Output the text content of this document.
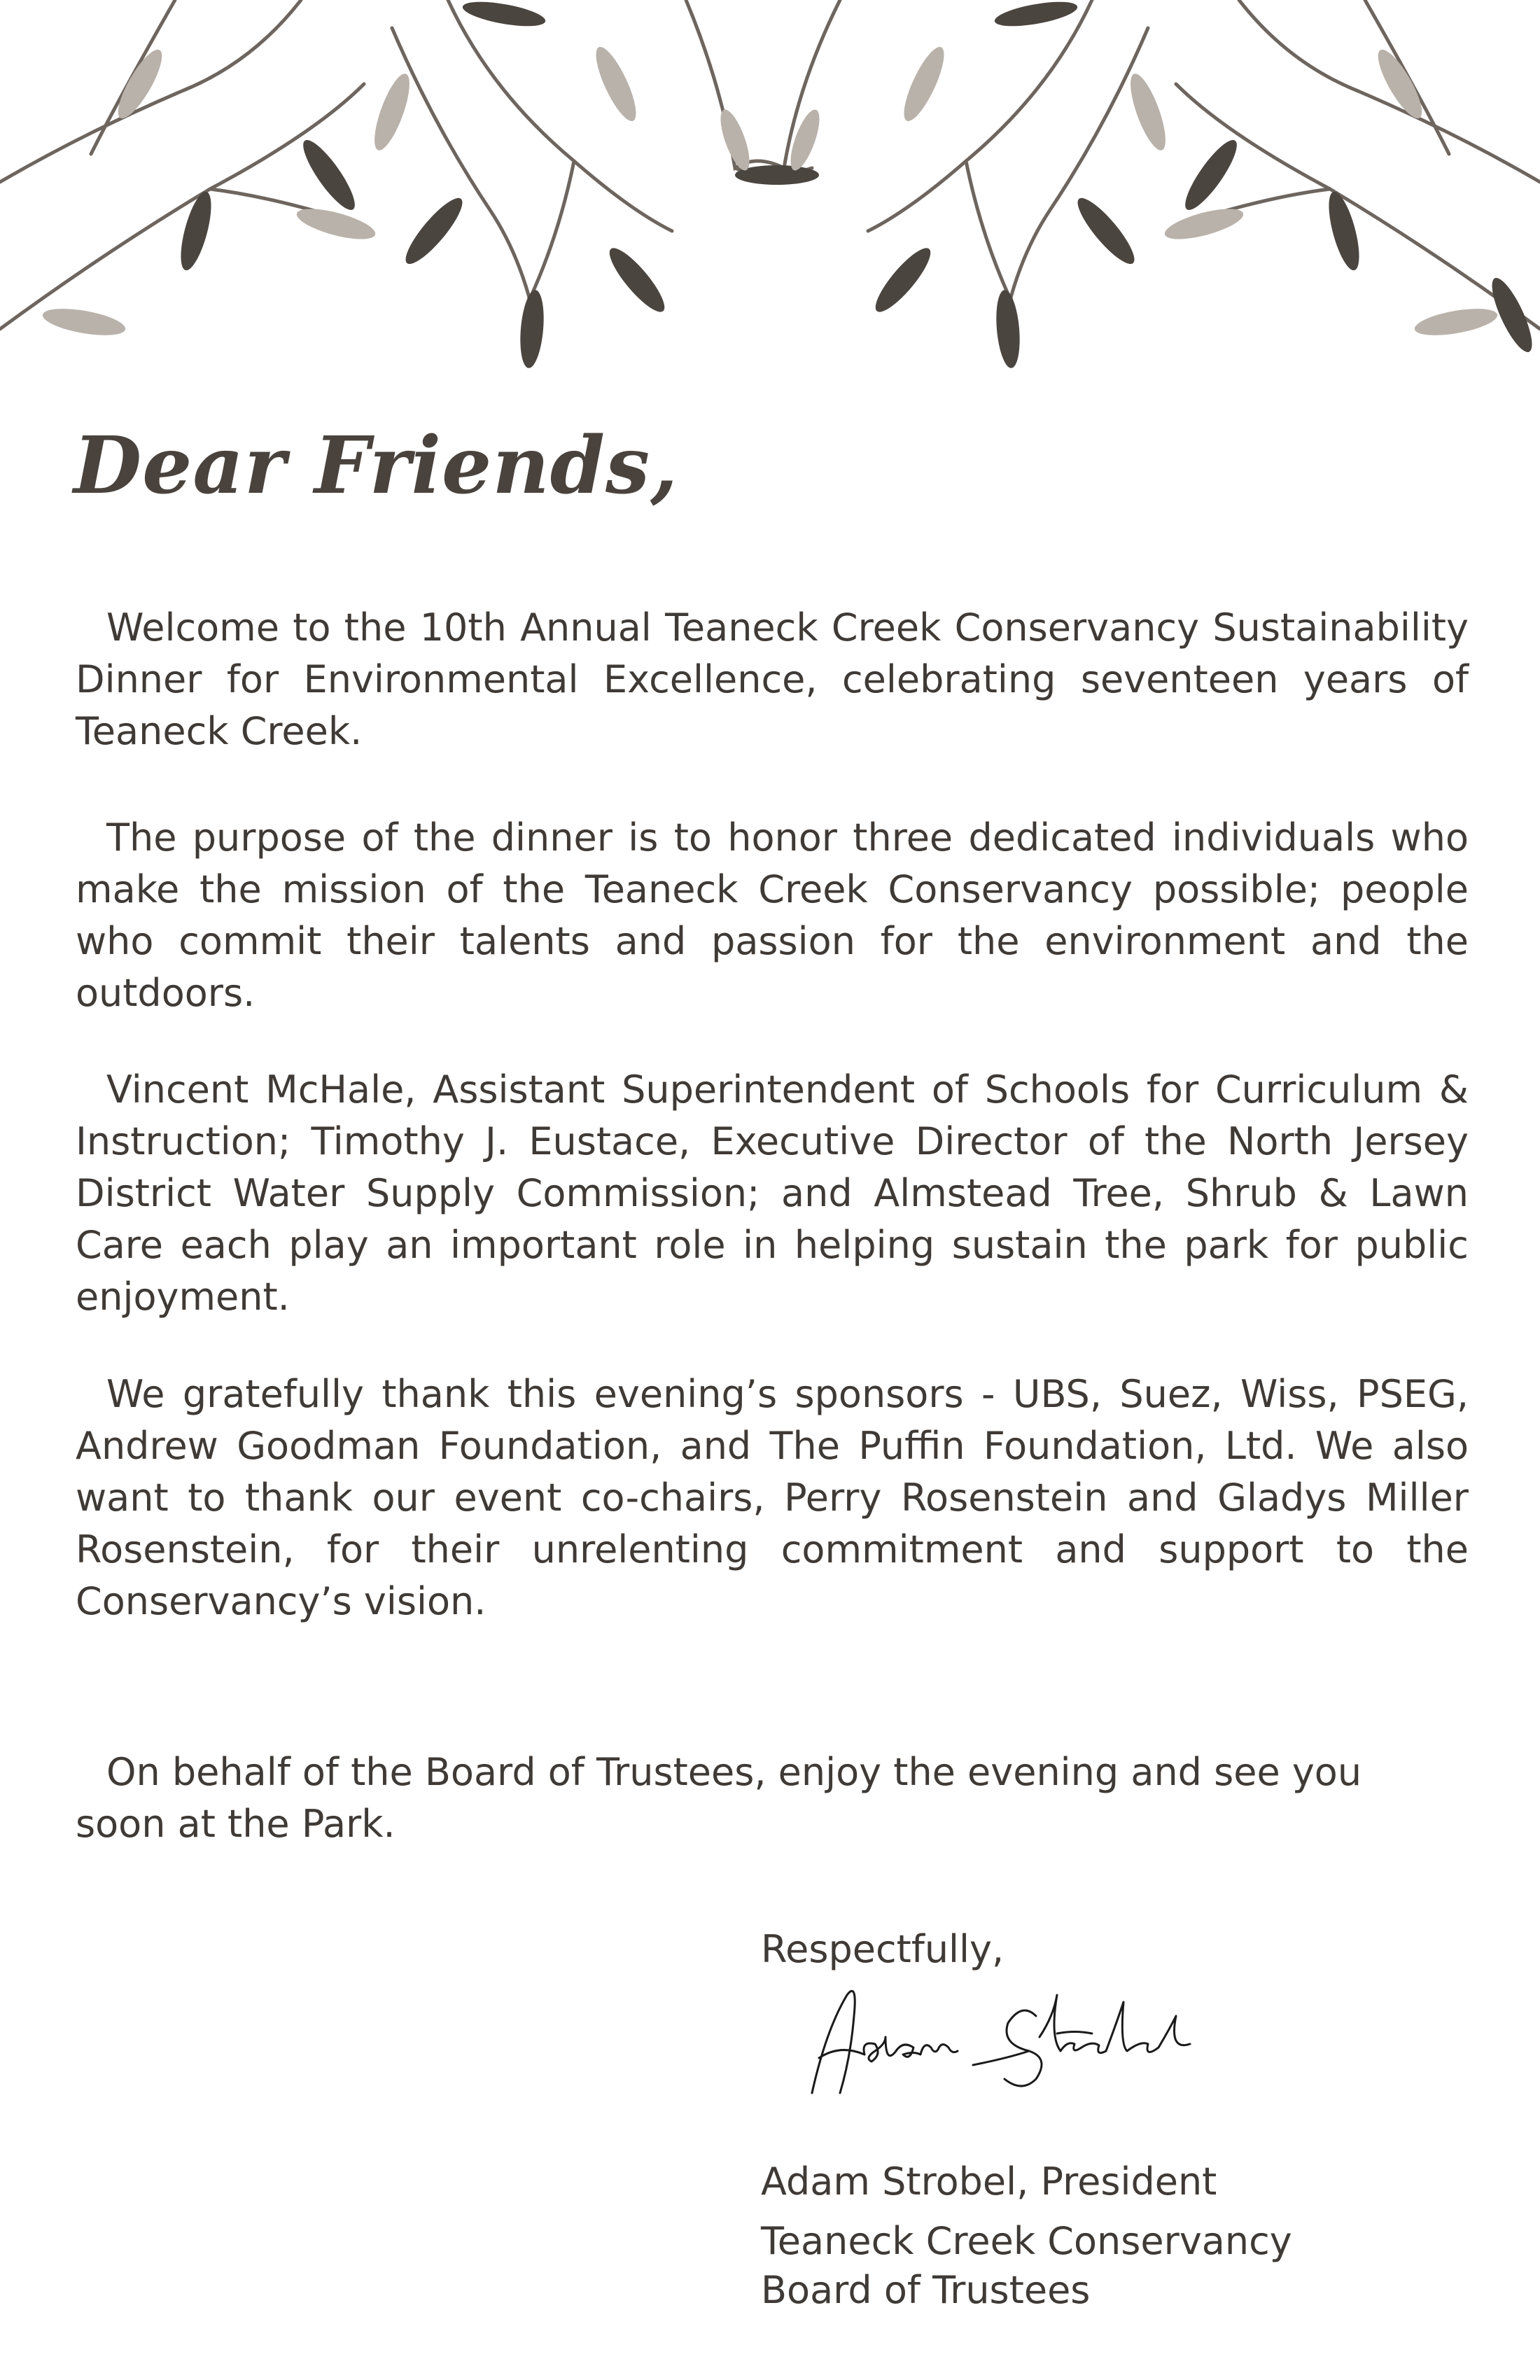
Dear Friends,

Welcome to the 10th Annual Teaneck Creek Conservancy Sustainability Dinner for Environmental Excellence, celebrating seventeen years of Teaneck Creek.

The purpose of the dinner is to honor three dedicated individuals who make the mission of the Teaneck Creek Conservancy possible; people who commit their talents and passion for the environment and the outdoors.

Vincent McHale, Assistant Superintendent of Schools for Curriculum & Instruction; Timothy J. Eustace, Executive Director of the North Jersey District Water Supply Commission; and Almstead Tree, Shrub & Lawn Care each play an important role in helping sustain the park for public enjoyment.

We gratefully thank this evening’s sponsors - UBS, Suez, Wiss, PSEG, Andrew Goodman Foundation, and The Puffin Foundation, Ltd. We also want to thank our event co-chairs, Perry Rosenstein and Gladys Miller Rosenstein, for their unrelenting commitment and support to the Conservancy’s vision.

On behalf of the Board of Trustees, enjoy the evening and see you soon at the Park.

Respectfully,

Adam Strobel, President

Teaneck Creek Conservancy

Board of Trustees
